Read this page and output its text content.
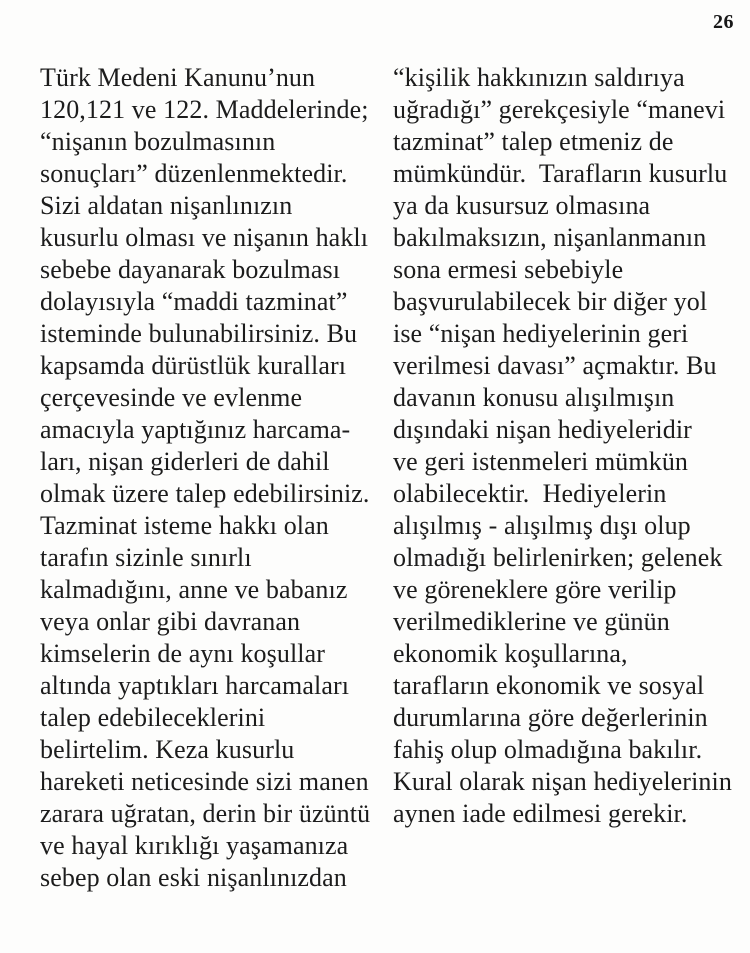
26
Türk Medeni Kanunu’nun
120,121 ve 122. Maddelerinde;
“nişanın bozulmasının
sonuçları” düzenlenmektedir.
Sizi aldatan nişanlınızın
kusurlu olması ve nişanın haklı
sebebe dayanarak bozulması
dolayısıyla “maddi tazminat”
isteminde bulunabilirsiniz. Bu
kapsamda dürüstlük kuralları
çerçevesinde ve evlenme
amacıyla yaptığınız harcama-
ları, nişan giderleri de dahil
olmak üzere talep edebilirsiniz.
Tazminat isteme hakkı olan
tarafın sizinle sınırlı
kalmadığını, anne ve babanız
veya onlar gibi davranan
kimselerin de aynı koşullar
altında yaptıkları harcamaları
talep edebileceklerini
belirtelim. Keza kusurlu
hareketi neticesinde sizi manen
zarara uğratan, derin bir üzüntü
ve hayal kırıklığı yaşamanıza
sebep olan eski nişanlınızdan
“kişilik hakkınızın saldırıya
uğradığı” gerekçesiyle “manevi
tazminat” talep etmeniz de
mümkündür.  Tarafların kusurlu
ya da kusursuz olmasına
bakılmaksızın, nişanlanmanın
sona ermesi sebebiyle
başvurulabilecek bir diğer yol
ise “nişan hediyelerinin geri
verilmesi davası” açmaktır. Bu
davanın konusu alışılmışın
dışındaki nişan hediyeleridir
ve geri istenmeleri mümkün
olabilecektir.  Hediyelerin
alışılmış - alışılmış dışı olup
olmadığı belirlenirken; gelenek
ve göreneklere göre verilip
verilmediklerine ve günün
ekonomik koşullarına,
tarafların ekonomik ve sosyal
durumlarına göre değerlerinin
fahiş olup olmadığına bakılır.
Kural olarak nişan hediyelerinin
aynen iade edilmesi gerekir.
